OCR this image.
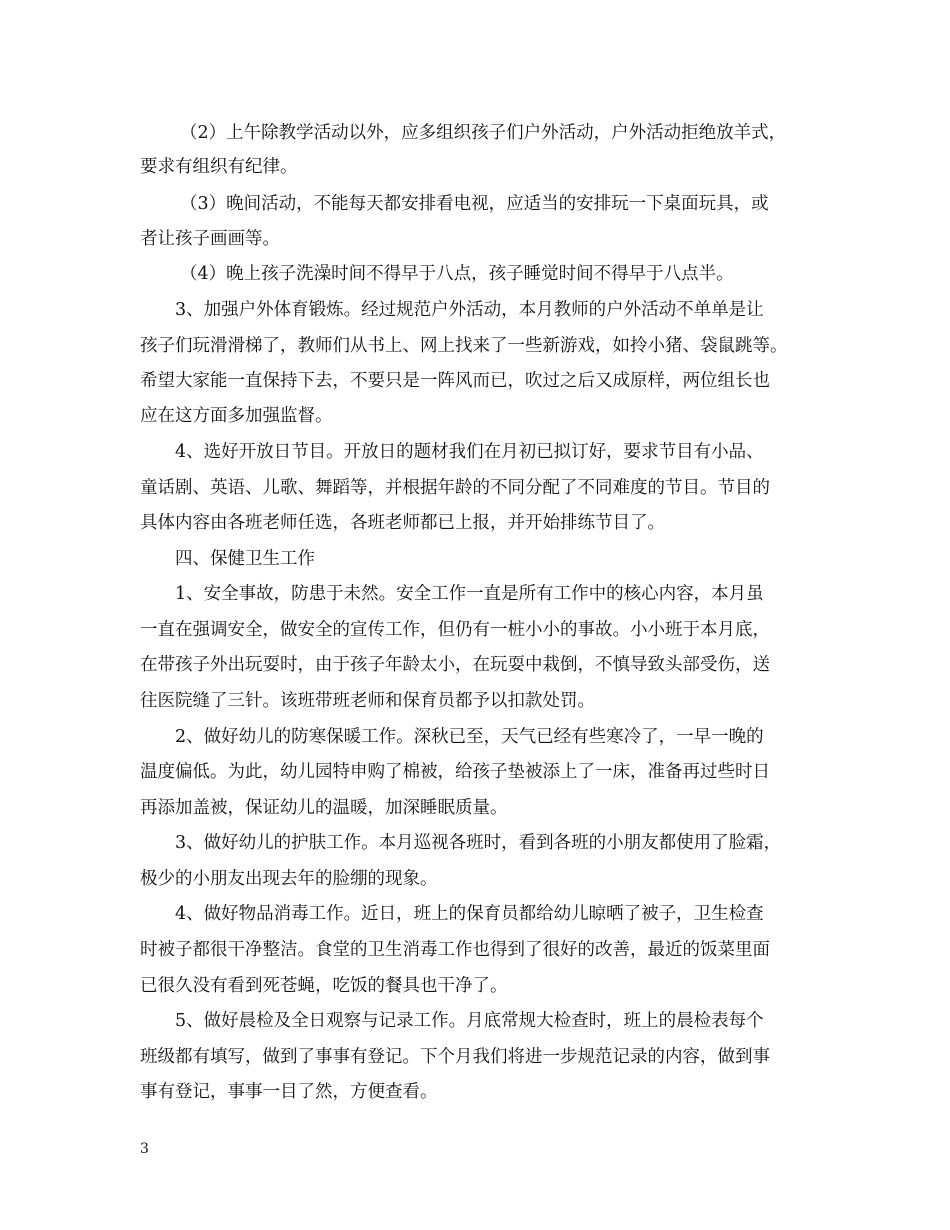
（2）上午除教学活动以外，应多组织孩子们户外活动，户外活动拒绝放羊式，
要求有组织有纪律。
（3）晚间活动，不能每天都安排看电视，应适当的安排玩一下桌面玩具，或
者让孩子画画等。
（4）晚上孩子洗澡时间不得早于八点，孩子睡觉时间不得早于八点半。
3、加强户外体育锻炼。经过规范户外活动，本月教师的户外活动不单单是让
孩子们玩滑滑梯了，教师们从书上、网上找来了一些新游戏，如拎小猪、袋鼠跳等。
希望大家能一直保持下去，不要只是一阵风而已，吹过之后又成原样，两位组长也
应在这方面多加强监督。
4、选好开放日节目。开放日的题材我们在月初已拟订好，要求节目有小品、
童话剧、英语、儿歌、舞蹈等，并根据年龄的不同分配了不同难度的节目。节目的
具体内容由各班老师任选，各班老师都已上报，并开始排练节目了。
四、保健卫生工作
1、安全事故，防患于未然。安全工作一直是所有工作中的核心内容，本月虽
一直在强调安全，做安全的宣传工作，但仍有一桩小小的事故。小小班于本月底，
在带孩子外出玩耍时，由于孩子年龄太小，在玩耍中栽倒，不慎导致头部受伤，送
往医院缝了三针。该班带班老师和保育员都予以扣款处罚。
2、做好幼儿的防寒保暖工作。深秋已至，天气已经有些寒冷了，一早一晚的
温度偏低。为此，幼儿园特申购了棉被，给孩子垫被添上了一床，准备再过些时日
再添加盖被，保证幼儿的温暖，加深睡眠质量。
3、做好幼儿的护肤工作。本月巡视各班时，看到各班的小朋友都使用了脸霜，
极少的小朋友出现去年的脸绷的现象。
4、做好物品消毒工作。近日，班上的保育员都给幼儿晾晒了被子，卫生检查
时被子都很干净整洁。食堂的卫生消毒工作也得到了很好的改善，最近的饭菜里面
已很久没有看到死苍蝇，吃饭的餐具也干净了。
5、做好晨检及全日观察与记录工作。月底常规大检查时，班上的晨检表每个
班级都有填写，做到了事事有登记。下个月我们将进一步规范记录的内容，做到事
事有登记，事事一目了然，方便查看。
3
